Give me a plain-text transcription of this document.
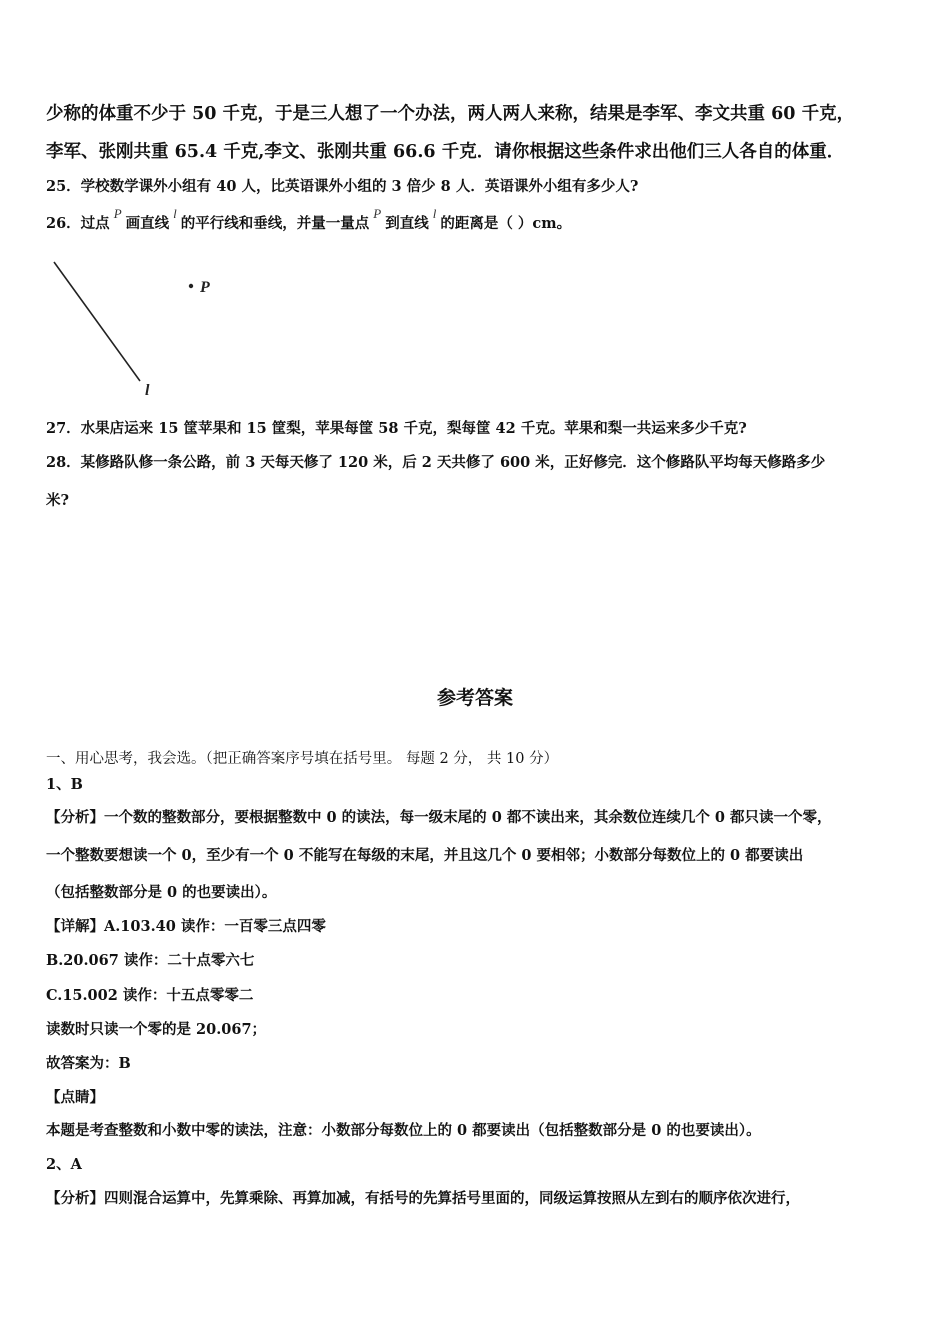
少称的体重不少于 50 千克，于是三人想了一个办法，两人两人来称，结果是李军、李文共重 60 千克，
李军、张刚共重 65.4 千克,李文、张刚共重 66.6 千克．请你根据这些条件求出他们三人各自的体重．
25．学校数学课外小组有 40 人，比英语课外小组的 3 倍少 8 人．英语课外小组有多少人?
26．过点P画直线l的平行线和垂线，并量一量点P到直线l的距离是（ ）cm。
P
l
27．水果店运来 15 筐苹果和 15 筐梨，苹果每筐 58 千克，梨每筐 42 千克。苹果和梨一共运来多少千克?
28．某修路队修一条公路，前 3 天每天修了 120 米，后 2 天共修了 600 米，正好修完．这个修路队平均每天修路多少
米?
参考答案
一、用心思考，我会选。（把正确答案序号填在括号里。 每题 2 分， 共 10 分）
1、B
【分析】一个数的整数部分，要根据整数中 0 的读法，每一级末尾的 0 都不读出来，其余数位连续几个 0 都只读一个零，
一个整数要想读一个 0，至少有一个 0 不能写在每级的末尾，并且这几个 0 要相邻；小数部分每数位上的 0 都要读出
（包括整数部分是 0 的也要读出）。
【详解】A.103.40 读作：一百零三点四零
B.20.067 读作：二十点零六七
C.15.002 读作：十五点零零二
读数时只读一个零的是 20.067；
故答案为：B
【点睛】
本题是考查整数和小数中零的读法，注意：小数部分每数位上的 0 都要读出（包括整数部分是 0 的也要读出）。
2、A
【分析】四则混合运算中，先算乘除、再算加减，有括号的先算括号里面的，同级运算按照从左到右的顺序依次进行，
